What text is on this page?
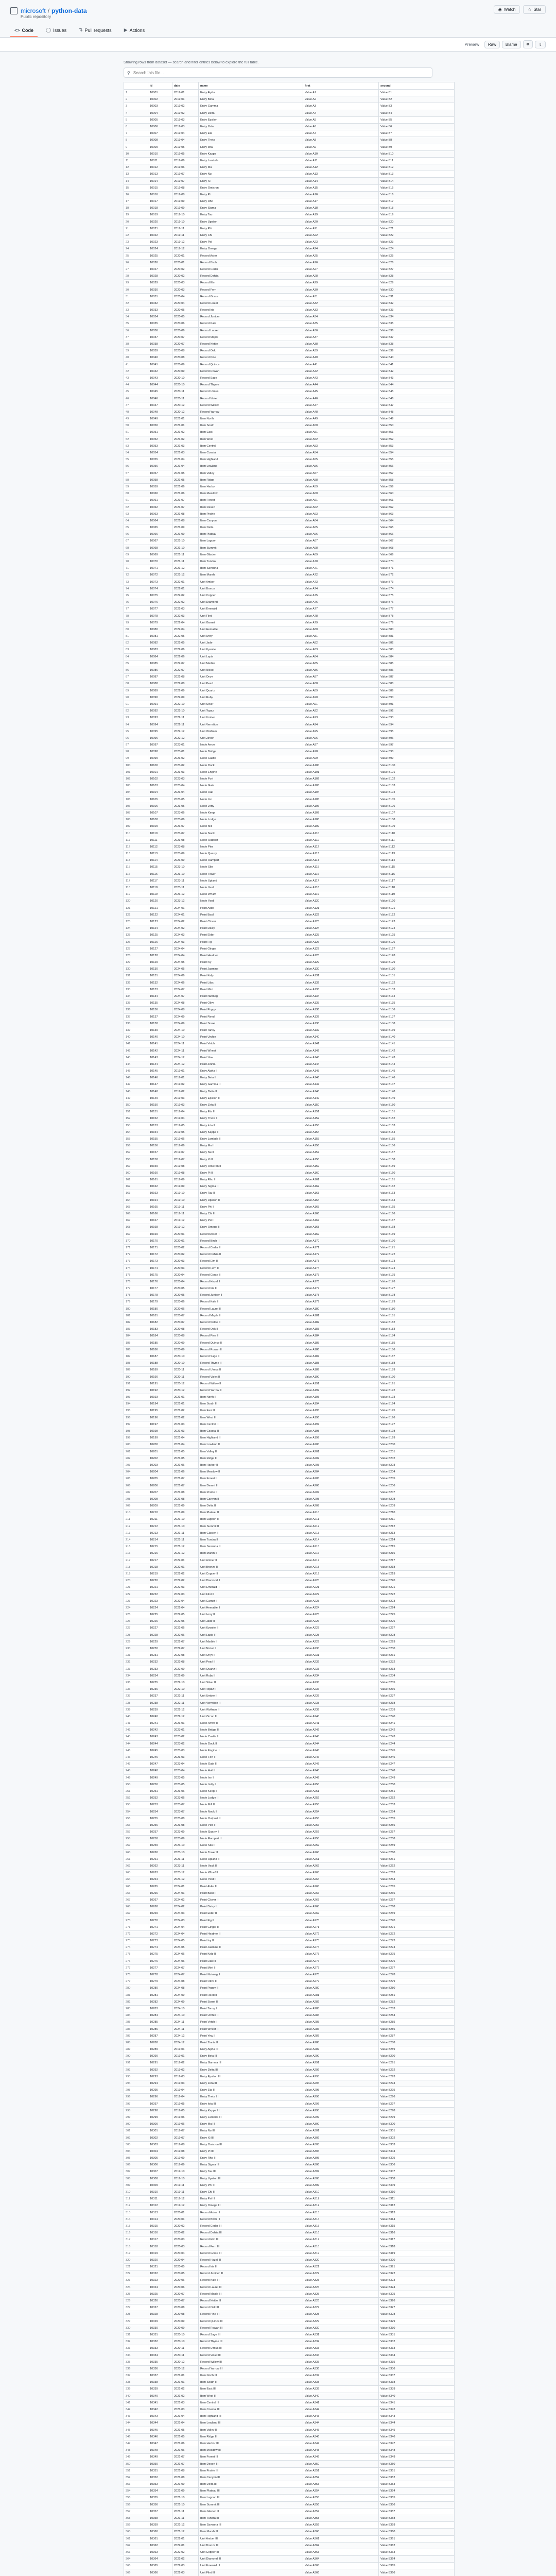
microsoft / python-data
Public repository
◉ Watch	☆ Star
<> Code	◯ Issues	⇅ Pull requests	▶ Actions
Preview	Raw	Blame	⧉	⇩
Showing rows from dataset — search and filter entries below to explore the full table.
⚲
Search this file...
	id	date	name	first	second
1	10001	2019-01	Entry Alpha	Value A1	Value B1
2	10002	2019-01	Entry Beta	Value A2	Value B2
3	10003	2019-02	Entry Gamma	Value A3	Value B3
4	10004	2019-02	Entry Delta	Value A4	Value B4
5	10005	2019-03	Entry Epsilon	Value A5	Value B5
6	10006	2019-03	Entry Zeta	Value A6	Value B6
7	10007	2019-04	Entry Eta	Value A7	Value B7
8	10008	2019-04	Entry Theta	Value A8	Value B8
9	10009	2019-05	Entry Iota	Value A9	Value B9
10	10010	2019-05	Entry Kappa	Value A10	Value B10
11	10011	2019-06	Entry Lambda	Value A11	Value B11
12	10012	2019-06	Entry Mu	Value A12	Value B12
13	10013	2019-07	Entry Nu	Value A13	Value B13
14	10014	2019-07	Entry Xi	Value A14	Value B14
15	10015	2019-08	Entry Omicron	Value A15	Value B15
16	10016	2019-08	Entry Pi	Value A16	Value B16
17	10017	2019-09	Entry Rho	Value A17	Value B17
18	10018	2019-09	Entry Sigma	Value A18	Value B18
19	10019	2019-10	Entry Tau	Value A19	Value B19
20	10020	2019-10	Entry Upsilon	Value A20	Value B20
21	10021	2019-11	Entry Phi	Value A21	Value B21
22	10022	2019-11	Entry Chi	Value A22	Value B22
23	10023	2019-12	Entry Psi	Value A23	Value B23
24	10024	2019-12	Entry Omega	Value A24	Value B24
25	10025	2020-01	Record Aster	Value A25	Value B25
26	10026	2020-01	Record Birch	Value A26	Value B26
27	10027	2020-02	Record Cedar	Value A27	Value B27
28	10028	2020-02	Record Dahlia	Value A28	Value B28
29	10029	2020-03	Record Elm	Value A29	Value B29
30	10030	2020-03	Record Fern	Value A30	Value B30
31	10031	2020-04	Record Gorse	Value A31	Value B31
32	10032	2020-04	Record Hazel	Value A32	Value B32
33	10033	2020-05	Record Iris	Value A33	Value B33
34	10034	2020-05	Record Juniper	Value A34	Value B34
35	10035	2020-06	Record Kale	Value A35	Value B35
36	10036	2020-06	Record Laurel	Value A36	Value B36
37	10037	2020-07	Record Maple	Value A37	Value B37
38	10038	2020-07	Record Nettle	Value A38	Value B38
39	10039	2020-08	Record Oak	Value A39	Value B39
40	10040	2020-08	Record Pine	Value A40	Value B40
41	10041	2020-09	Record Quince	Value A41	Value B41
42	10042	2020-09	Record Rowan	Value A42	Value B42
43	10043	2020-10	Record Sage	Value A43	Value B43
44	10044	2020-10	Record Thyme	Value A44	Value B44
45	10045	2020-11	Record Ulmus	Value A45	Value B45
46	10046	2020-11	Record Violet	Value A46	Value B46
47	10047	2020-12	Record Willow	Value A47	Value B47
48	10048	2020-12	Record Yarrow	Value A48	Value B48
49	10049	2021-01	Item North	Value A49	Value B49
50	10050	2021-01	Item South	Value A50	Value B50
51	10051	2021-02	Item East	Value A51	Value B51
52	10052	2021-02	Item West	Value A52	Value B52
53	10053	2021-03	Item Central	Value A53	Value B53
54	10054	2021-03	Item Coastal	Value A54	Value B54
55	10055	2021-04	Item Highland	Value A55	Value B55
56	10056	2021-04	Item Lowland	Value A56	Value B56
57	10057	2021-05	Item Valley	Value A57	Value B57
58	10058	2021-05	Item Ridge	Value A58	Value B58
59	10059	2021-06	Item Harbor	Value A59	Value B59
60	10060	2021-06	Item Meadow	Value A60	Value B60
61	10061	2021-07	Item Forest	Value A61	Value B61
62	10062	2021-07	Item Desert	Value A62	Value B62
63	10063	2021-08	Item Prairie	Value A63	Value B63
64	10064	2021-08	Item Canyon	Value A64	Value B64
65	10065	2021-09	Item Delta	Value A65	Value B65
66	10066	2021-09	Item Plateau	Value A66	Value B66
67	10067	2021-10	Item Lagoon	Value A67	Value B67
68	10068	2021-10	Item Summit	Value A68	Value B68
69	10069	2021-11	Item Glacier	Value A69	Value B69
70	10070	2021-11	Item Tundra	Value A70	Value B70
71	10071	2021-12	Item Savanna	Value A71	Value B71
72	10072	2021-12	Item Marsh	Value A72	Value B72
73	10073	2022-01	Unit Amber	Value A73	Value B73
74	10074	2022-01	Unit Bronze	Value A74	Value B74
75	10075	2022-02	Unit Copper	Value A75	Value B75
76	10076	2022-02	Unit Diamond	Value A76	Value B76
77	10077	2022-03	Unit Emerald	Value A77	Value B77
78	10078	2022-03	Unit Flint	Value A78	Value B78
79	10079	2022-04	Unit Garnet	Value A79	Value B79
80	10080	2022-04	Unit Hematite	Value A80	Value B80
81	10081	2022-05	Unit Ivory	Value A81	Value B81
82	10082	2022-05	Unit Jade	Value A82	Value B82
83	10083	2022-06	Unit Kyanite	Value A83	Value B83
84	10084	2022-06	Unit Lapis	Value A84	Value B84
85	10085	2022-07	Unit Marble	Value A85	Value B85
86	10086	2022-07	Unit Nickel	Value A86	Value B86
87	10087	2022-08	Unit Onyx	Value A87	Value B87
88	10088	2022-08	Unit Pearl	Value A88	Value B88
89	10089	2022-09	Unit Quartz	Value A89	Value B89
90	10090	2022-09	Unit Ruby	Value A90	Value B90
91	10091	2022-10	Unit Silver	Value A91	Value B91
92	10092	2022-10	Unit Topaz	Value A92	Value B92
93	10093	2022-11	Unit Umber	Value A93	Value B93
94	10094	2022-11	Unit Vermilion	Value A94	Value B94
95	10095	2022-12	Unit Wolfram	Value A95	Value B95
96	10096	2022-12	Unit Zircon	Value A96	Value B96
97	10097	2023-01	Node Arrow	Value A97	Value B97
98	10098	2023-01	Node Bridge	Value A98	Value B98
99	10099	2023-02	Node Castle	Value A99	Value B99
100	10100	2023-02	Node Dock	Value A100	Value B100
101	10101	2023-03	Node Engine	Value A101	Value B101
102	10102	2023-03	Node Fort	Value A102	Value B102
103	10103	2023-04	Node Gate	Value A103	Value B103
104	10104	2023-04	Node Hall	Value A104	Value B104
105	10105	2023-05	Node Inn	Value A105	Value B105
106	10106	2023-05	Node Jetty	Value A106	Value B106
107	10107	2023-06	Node Keep	Value A107	Value B107
108	10108	2023-06	Node Lodge	Value A108	Value B108
109	10109	2023-07	Node Mill	Value A109	Value B109
110	10110	2023-07	Node Nook	Value A110	Value B110
111	10111	2023-08	Node Outpost	Value A111	Value B111
112	10112	2023-08	Node Pier	Value A112	Value B112
113	10113	2023-09	Node Quarry	Value A113	Value B113
114	10114	2023-09	Node Rampart	Value A114	Value B114
115	10115	2023-10	Node Silo	Value A115	Value B115
116	10116	2023-10	Node Tower	Value A116	Value B116
117	10117	2023-11	Node Upland	Value A117	Value B117
118	10118	2023-11	Node Vault	Value A118	Value B118
119	10119	2023-12	Node Wharf	Value A119	Value B119
120	10120	2023-12	Node Yard	Value A120	Value B120
121	10121	2024-01	Point Alder	Value A121	Value B121
122	10122	2024-01	Point Basil	Value A122	Value B122
123	10123	2024-02	Point Clover	Value A123	Value B123
124	10124	2024-02	Point Daisy	Value A124	Value B124
125	10125	2024-03	Point Elder	Value A125	Value B125
126	10126	2024-03	Point Fig	Value A126	Value B126
127	10127	2024-04	Point Ginger	Value A127	Value B127
128	10128	2024-04	Point Heather	Value A128	Value B128
129	10129	2024-05	Point Ivy	Value A129	Value B129
130	10130	2024-05	Point Jasmine	Value A130	Value B130
131	10131	2024-06	Point Kelp	Value A131	Value B131
132	10132	2024-06	Point Lilac	Value A132	Value B132
133	10133	2024-07	Point Mint	Value A133	Value B133
134	10134	2024-07	Point Nutmeg	Value A134	Value B134
135	10135	2024-08	Point Olive	Value A135	Value B135
136	10136	2024-08	Point Poppy	Value A136	Value B136
137	10137	2024-09	Point Reed	Value A137	Value B137
138	10138	2024-09	Point Sorrel	Value A138	Value B138
139	10139	2024-10	Point Tansy	Value A139	Value B139
140	10140	2024-10	Point Urchin	Value A140	Value B140
141	10141	2024-11	Point Vetch	Value A141	Value B141
142	10142	2024-11	Point Wheat	Value A142	Value B142
143	10143	2024-12	Point Yew	Value A143	Value B143
144	10144	2024-12	Point Zinnia	Value A144	Value B144
145	10145	2019-01	Entry Alpha II	Value A145	Value B145
146	10146	2019-01	Entry Beta II	Value A146	Value B146
147	10147	2019-02	Entry Gamma II	Value A147	Value B147
148	10148	2019-02	Entry Delta II	Value A148	Value B148
149	10149	2019-03	Entry Epsilon II	Value A149	Value B149
150	10150	2019-03	Entry Zeta II	Value A150	Value B150
151	10151	2019-04	Entry Eta II	Value A151	Value B151
152	10152	2019-04	Entry Theta II	Value A152	Value B152
153	10153	2019-05	Entry Iota II	Value A153	Value B153
154	10154	2019-05	Entry Kappa II	Value A154	Value B154
155	10155	2019-06	Entry Lambda II	Value A155	Value B155
156	10156	2019-06	Entry Mu II	Value A156	Value B156
157	10157	2019-07	Entry Nu II	Value A157	Value B157
158	10158	2019-07	Entry Xi II	Value A158	Value B158
159	10159	2019-08	Entry Omicron II	Value A159	Value B159
160	10160	2019-08	Entry Pi II	Value A160	Value B160
161	10161	2019-09	Entry Rho II	Value A161	Value B161
162	10162	2019-09	Entry Sigma II	Value A162	Value B162
163	10163	2019-10	Entry Tau II	Value A163	Value B163
164	10164	2019-10	Entry Upsilon II	Value A164	Value B164
165	10165	2019-11	Entry Phi II	Value A165	Value B165
166	10166	2019-11	Entry Chi II	Value A166	Value B166
167	10167	2019-12	Entry Psi II	Value A167	Value B167
168	10168	2019-12	Entry Omega II	Value A168	Value B168
169	10169	2020-01	Record Aster II	Value A169	Value B169
170	10170	2020-01	Record Birch II	Value A170	Value B170
171	10171	2020-02	Record Cedar II	Value A171	Value B171
172	10172	2020-02	Record Dahlia II	Value A172	Value B172
173	10173	2020-03	Record Elm II	Value A173	Value B173
174	10174	2020-03	Record Fern II	Value A174	Value B174
175	10175	2020-04	Record Gorse II	Value A175	Value B175
176	10176	2020-04	Record Hazel II	Value A176	Value B176
177	10177	2020-05	Record Iris II	Value A177	Value B177
178	10178	2020-05	Record Juniper II	Value A178	Value B178
179	10179	2020-06	Record Kale II	Value A179	Value B179
180	10180	2020-06	Record Laurel II	Value A180	Value B180
181	10181	2020-07	Record Maple II	Value A181	Value B181
182	10182	2020-07	Record Nettle II	Value A182	Value B182
183	10183	2020-08	Record Oak II	Value A183	Value B183
184	10184	2020-08	Record Pine II	Value A184	Value B184
185	10185	2020-09	Record Quince II	Value A185	Value B185
186	10186	2020-09	Record Rowan II	Value A186	Value B186
187	10187	2020-10	Record Sage II	Value A187	Value B187
188	10188	2020-10	Record Thyme II	Value A188	Value B188
189	10189	2020-11	Record Ulmus II	Value A189	Value B189
190	10190	2020-11	Record Violet II	Value A190	Value B190
191	10191	2020-12	Record Willow II	Value A191	Value B191
192	10192	2020-12	Record Yarrow II	Value A192	Value B192
193	10193	2021-01	Item North II	Value A193	Value B193
194	10194	2021-01	Item South II	Value A194	Value B194
195	10195	2021-02	Item East II	Value A195	Value B195
196	10196	2021-02	Item West II	Value A196	Value B196
197	10197	2021-03	Item Central II	Value A197	Value B197
198	10198	2021-03	Item Coastal II	Value A198	Value B198
199	10199	2021-04	Item Highland II	Value A199	Value B199
200	10200	2021-04	Item Lowland II	Value A200	Value B200
201	10201	2021-05	Item Valley II	Value A201	Value B201
202	10202	2021-05	Item Ridge II	Value A202	Value B202
203	10203	2021-06	Item Harbor II	Value A203	Value B203
204	10204	2021-06	Item Meadow II	Value A204	Value B204
205	10205	2021-07	Item Forest II	Value A205	Value B205
206	10206	2021-07	Item Desert II	Value A206	Value B206
207	10207	2021-08	Item Prairie II	Value A207	Value B207
208	10208	2021-08	Item Canyon II	Value A208	Value B208
209	10209	2021-09	Item Delta II	Value A209	Value B209
210	10210	2021-09	Item Plateau II	Value A210	Value B210
211	10211	2021-10	Item Lagoon II	Value A211	Value B211
212	10212	2021-10	Item Summit II	Value A212	Value B212
213	10213	2021-11	Item Glacier II	Value A213	Value B213
214	10214	2021-11	Item Tundra II	Value A214	Value B214
215	10215	2021-12	Item Savanna II	Value A215	Value B215
216	10216	2021-12	Item Marsh II	Value A216	Value B216
217	10217	2022-01	Unit Amber II	Value A217	Value B217
218	10218	2022-01	Unit Bronze II	Value A218	Value B218
219	10219	2022-02	Unit Copper II	Value A219	Value B219
220	10220	2022-02	Unit Diamond II	Value A220	Value B220
221	10221	2022-03	Unit Emerald II	Value A221	Value B221
222	10222	2022-03	Unit Flint II	Value A222	Value B222
223	10223	2022-04	Unit Garnet II	Value A223	Value B223
224	10224	2022-04	Unit Hematite II	Value A224	Value B224
225	10225	2022-05	Unit Ivory II	Value A225	Value B225
226	10226	2022-05	Unit Jade II	Value A226	Value B226
227	10227	2022-06	Unit Kyanite II	Value A227	Value B227
228	10228	2022-06	Unit Lapis II	Value A228	Value B228
229	10229	2022-07	Unit Marble II	Value A229	Value B229
230	10230	2022-07	Unit Nickel II	Value A230	Value B230
231	10231	2022-08	Unit Onyx II	Value A231	Value B231
232	10232	2022-08	Unit Pearl II	Value A232	Value B232
233	10233	2022-09	Unit Quartz II	Value A233	Value B233
234	10234	2022-09	Unit Ruby II	Value A234	Value B234
235	10235	2022-10	Unit Silver II	Value A235	Value B235
236	10236	2022-10	Unit Topaz II	Value A236	Value B236
237	10237	2022-11	Unit Umber II	Value A237	Value B237
238	10238	2022-11	Unit Vermilion II	Value A238	Value B238
239	10239	2022-12	Unit Wolfram II	Value A239	Value B239
240	10240	2022-12	Unit Zircon II	Value A240	Value B240
241	10241	2023-01	Node Arrow II	Value A241	Value B241
242	10242	2023-01	Node Bridge II	Value A242	Value B242
243	10243	2023-02	Node Castle II	Value A243	Value B243
244	10244	2023-02	Node Dock II	Value A244	Value B244
245	10245	2023-03	Node Engine II	Value A245	Value B245
246	10246	2023-03	Node Fort II	Value A246	Value B246
247	10247	2023-04	Node Gate II	Value A247	Value B247
248	10248	2023-04	Node Hall II	Value A248	Value B248
249	10249	2023-05	Node Inn II	Value A249	Value B249
250	10250	2023-05	Node Jetty II	Value A250	Value B250
251	10251	2023-06	Node Keep II	Value A251	Value B251
252	10252	2023-06	Node Lodge II	Value A252	Value B252
253	10253	2023-07	Node Mill II	Value A253	Value B253
254	10254	2023-07	Node Nook II	Value A254	Value B254
255	10255	2023-08	Node Outpost II	Value A255	Value B255
256	10256	2023-08	Node Pier II	Value A256	Value B256
257	10257	2023-09	Node Quarry II	Value A257	Value B257
258	10258	2023-09	Node Rampart II	Value A258	Value B258
259	10259	2023-10	Node Silo II	Value A259	Value B259
260	10260	2023-10	Node Tower II	Value A260	Value B260
261	10261	2023-11	Node Upland II	Value A261	Value B261
262	10262	2023-11	Node Vault II	Value A262	Value B262
263	10263	2023-12	Node Wharf II	Value A263	Value B263
264	10264	2023-12	Node Yard II	Value A264	Value B264
265	10265	2024-01	Point Alder II	Value A265	Value B265
266	10266	2024-01	Point Basil II	Value A266	Value B266
267	10267	2024-02	Point Clover II	Value A267	Value B267
268	10268	2024-02	Point Daisy II	Value A268	Value B268
269	10269	2024-03	Point Elder II	Value A269	Value B269
270	10270	2024-03	Point Fig II	Value A270	Value B270
271	10271	2024-04	Point Ginger II	Value A271	Value B271
272	10272	2024-04	Point Heather II	Value A272	Value B272
273	10273	2024-05	Point Ivy II	Value A273	Value B273
274	10274	2024-05	Point Jasmine II	Value A274	Value B274
275	10275	2024-06	Point Kelp II	Value A275	Value B275
276	10276	2024-06	Point Lilac II	Value A276	Value B276
277	10277	2024-07	Point Mint II	Value A277	Value B277
278	10278	2024-07	Point Nutmeg II	Value A278	Value B278
279	10279	2024-08	Point Olive II	Value A279	Value B279
280	10280	2024-08	Point Poppy II	Value A280	Value B280
281	10281	2024-09	Point Reed II	Value A281	Value B281
282	10282	2024-09	Point Sorrel II	Value A282	Value B282
283	10283	2024-10	Point Tansy II	Value A283	Value B283
284	10284	2024-10	Point Urchin II	Value A284	Value B284
285	10285	2024-11	Point Vetch II	Value A285	Value B285
286	10286	2024-11	Point Wheat II	Value A286	Value B286
287	10287	2024-12	Point Yew II	Value A287	Value B287
288	10288	2024-12	Point Zinnia II	Value A288	Value B288
289	10289	2019-01	Entry Alpha III	Value A289	Value B289
290	10290	2019-01	Entry Beta III	Value A290	Value B290
291	10291	2019-02	Entry Gamma III	Value A291	Value B291
292	10292	2019-02	Entry Delta III	Value A292	Value B292
293	10293	2019-03	Entry Epsilon III	Value A293	Value B293
294	10294	2019-03	Entry Zeta III	Value A294	Value B294
295	10295	2019-04	Entry Eta III	Value A295	Value B295
296	10296	2019-04	Entry Theta III	Value A296	Value B296
297	10297	2019-05	Entry Iota III	Value A297	Value B297
298	10298	2019-05	Entry Kappa III	Value A298	Value B298
299	10299	2019-06	Entry Lambda III	Value A299	Value B299
300	10300	2019-06	Entry Mu III	Value A300	Value B300
301	10301	2019-07	Entry Nu III	Value A301	Value B301
302	10302	2019-07	Entry Xi III	Value A302	Value B302
303	10303	2019-08	Entry Omicron III	Value A303	Value B303
304	10304	2019-08	Entry Pi III	Value A304	Value B304
305	10305	2019-09	Entry Rho III	Value A305	Value B305
306	10306	2019-09	Entry Sigma III	Value A306	Value B306
307	10307	2019-10	Entry Tau III	Value A307	Value B307
308	10308	2019-10	Entry Upsilon III	Value A308	Value B308
309	10309	2019-11	Entry Phi III	Value A309	Value B309
310	10310	2019-11	Entry Chi III	Value A310	Value B310
311	10311	2019-12	Entry Psi III	Value A311	Value B311
312	10312	2019-12	Entry Omega III	Value A312	Value B312
313	10313	2020-01	Record Aster III	Value A313	Value B313
314	10314	2020-01	Record Birch III	Value A314	Value B314
315	10315	2020-02	Record Cedar III	Value A315	Value B315
316	10316	2020-02	Record Dahlia III	Value A316	Value B316
317	10317	2020-03	Record Elm III	Value A317	Value B317
318	10318	2020-03	Record Fern III	Value A318	Value B318
319	10319	2020-04	Record Gorse III	Value A319	Value B319
320	10320	2020-04	Record Hazel III	Value A320	Value B320
321	10321	2020-05	Record Iris III	Value A321	Value B321
322	10322	2020-05	Record Juniper III	Value A322	Value B322
323	10323	2020-06	Record Kale III	Value A323	Value B323
324	10324	2020-06	Record Laurel III	Value A324	Value B324
325	10325	2020-07	Record Maple III	Value A325	Value B325
326	10326	2020-07	Record Nettle III	Value A326	Value B326
327	10327	2020-08	Record Oak III	Value A327	Value B327
328	10328	2020-08	Record Pine III	Value A328	Value B328
329	10329	2020-09	Record Quince III	Value A329	Value B329
330	10330	2020-09	Record Rowan III	Value A330	Value B330
331	10331	2020-10	Record Sage III	Value A331	Value B331
332	10332	2020-10	Record Thyme III	Value A332	Value B332
333	10333	2020-11	Record Ulmus III	Value A333	Value B333
334	10334	2020-11	Record Violet III	Value A334	Value B334
335	10335	2020-12	Record Willow III	Value A335	Value B335
336	10336	2020-12	Record Yarrow III	Value A336	Value B336
337	10337	2021-01	Item North III	Value A337	Value B337
338	10338	2021-01	Item South III	Value A338	Value B338
339	10339	2021-02	Item East III	Value A339	Value B339
340	10340	2021-02	Item West III	Value A340	Value B340
341	10341	2021-03	Item Central III	Value A341	Value B341
342	10342	2021-03	Item Coastal III	Value A342	Value B342
343	10343	2021-04	Item Highland III	Value A343	Value B343
344	10344	2021-04	Item Lowland III	Value A344	Value B344
345	10345	2021-05	Item Valley III	Value A345	Value B345
346	10346	2021-05	Item Ridge III	Value A346	Value B346
347	10347	2021-06	Item Harbor III	Value A347	Value B347
348	10348	2021-06	Item Meadow III	Value A348	Value B348
349	10349	2021-07	Item Forest III	Value A349	Value B349
350	10350	2021-07	Item Desert III	Value A350	Value B350
351	10351	2021-08	Item Prairie III	Value A351	Value B351
352	10352	2021-08	Item Canyon III	Value A352	Value B352
353	10353	2021-09	Item Delta III	Value A353	Value B353
354	10354	2021-09	Item Plateau III	Value A354	Value B354
355	10355	2021-10	Item Lagoon III	Value A355	Value B355
356	10356	2021-10	Item Summit III	Value A356	Value B356
357	10357	2021-11	Item Glacier III	Value A357	Value B357
358	10358	2021-11	Item Tundra III	Value A358	Value B358
359	10359	2021-12	Item Savanna III	Value A359	Value B359
360	10360	2021-12	Item Marsh III	Value A360	Value B360
361	10361	2022-01	Unit Amber III	Value A361	Value B361
362	10362	2022-01	Unit Bronze III	Value A362	Value B362
363	10363	2022-02	Unit Copper III	Value A363	Value B363
364	10364	2022-02	Unit Diamond III	Value A364	Value B364
365	10365	2022-03	Unit Emerald III	Value A365	Value B365
366	10366	2022-03	Unit Flint III	Value A366	Value B366
